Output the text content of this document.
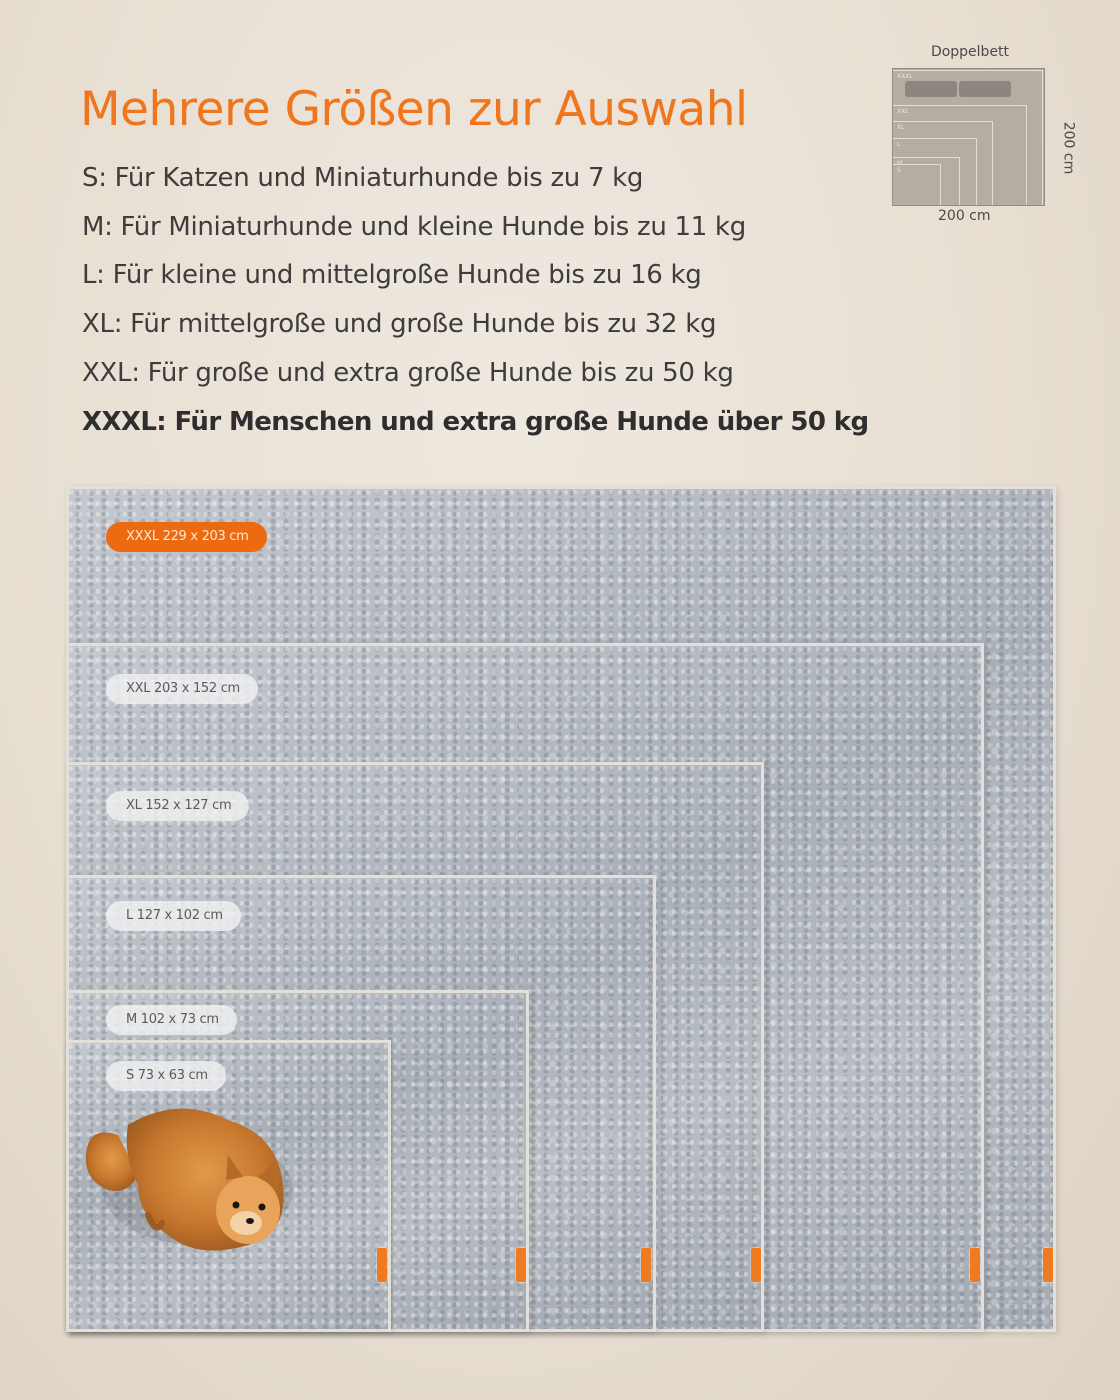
Mehrere Größen zur Auswahl

S: Für Katzen und Miniaturhunde bis zu 7 kg

M: Für Miniaturhunde und kleine Hunde bis zu 11 kg

L: Für kleine und mittelgroße Hunde bis zu 16 kg

XL: Für mittelgroße und große Hunde bis zu 32 kg

XXL: Für große und extra große Hunde bis zu 50 kg

XXXL: Für Menschen und extra große Hunde über 50 kg

Doppelbett
XXXL
XXL
XL
L
M
S
200 cm
200 cm
XXXL 229 x 203 cm
XXL 203 x 152 cm
XL 152 x 127 cm
L 127 x 102 cm
M 102 x 73 cm
S 73 x 63 cm
